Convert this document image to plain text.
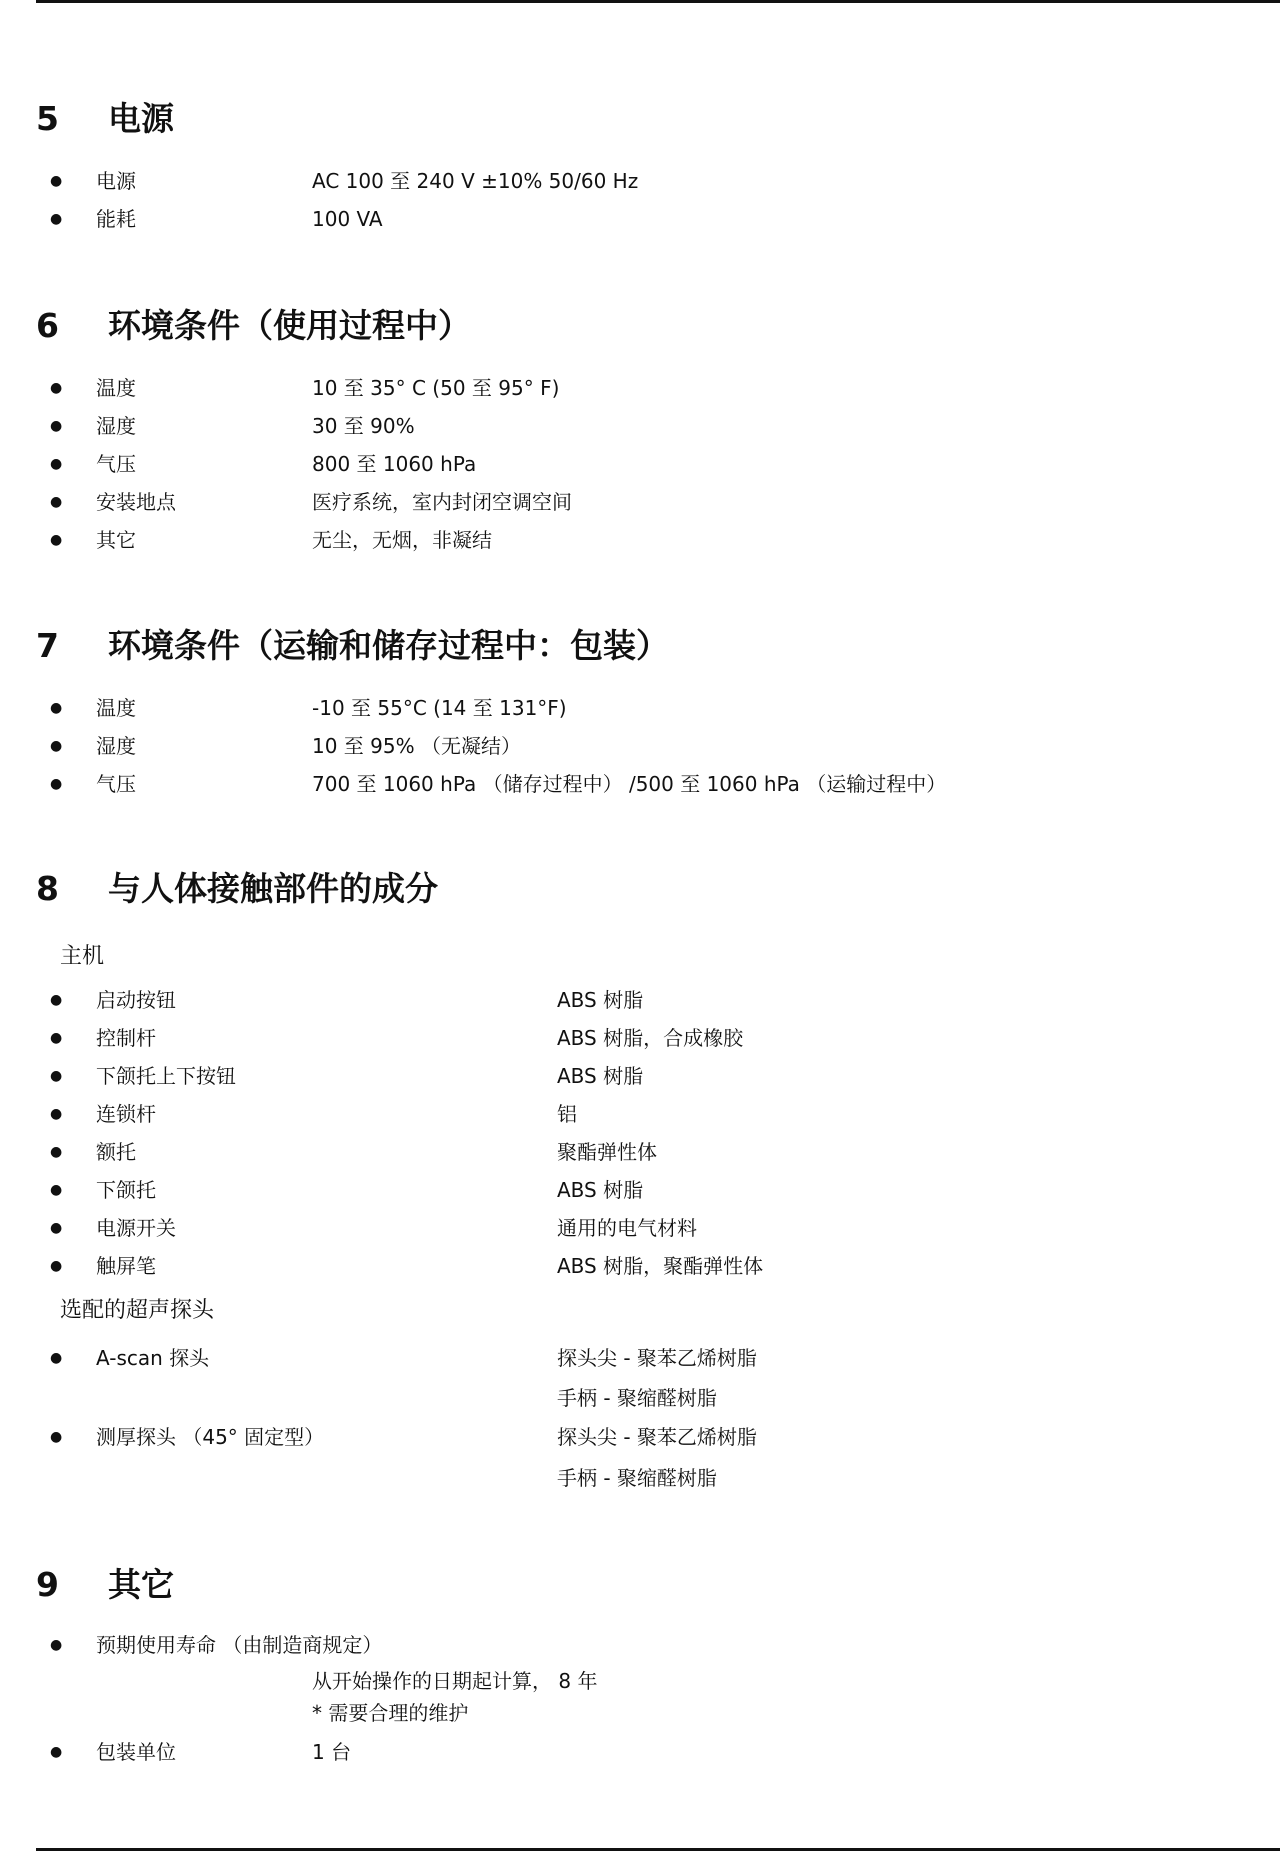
5 电源
● 电源	AC 100 至 240 V ±10% 50/60 Hz
● 能耗	100 VA
6 环境条件（使用过程中）
● 温度	10 至 35° C (50 至 95° F)
● 湿度	30 至 90%
● 气压	800 至 1060 hPa
● 安装地点	医疗系统，室内封闭空调空间
● 其它	无尘，无烟，非凝结
7 环境条件（运输和储存过程中：包装）
● 温度	-10 至 55°C (14 至 131°F)
● 湿度	10 至 95% （无凝结）
● 气压	700 至 1060 hPa （储存过程中） /500 至 1060 hPa （运输过程中）
8 与人体接触部件的成分
主机
● 启动按钮	ABS 树脂
● 控制杆	ABS 树脂，合成橡胶
● 下颌托上下按钮	ABS 树脂
● 连锁杆	铝
● 额托	聚酯弹性体
● 下颌托	ABS 树脂
● 电源开关	通用的电气材料
● 触屏笔	ABS 树脂，聚酯弹性体
选配的超声探头
● A-scan 探头	探头尖 - 聚苯乙烯树脂
手柄 - 聚缩醛树脂
● 测厚探头 （45° 固定型）	探头尖 - 聚苯乙烯树脂
手柄 - 聚缩醛树脂
9 其它
● 预期使用寿命 （由制造商规定）
从开始操作的日期起计算， 8 年
* 需要合理的维护
● 包装单位	1 台
